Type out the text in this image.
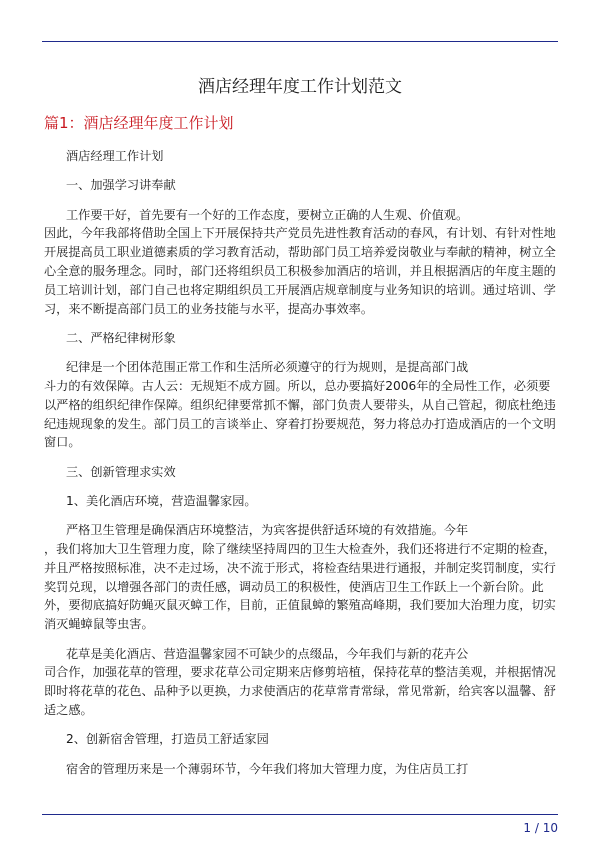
酒店经理年度工作计划范文
篇1：酒店经理年度工作计划

酒店经理工作计划

一、加强学习讲奉献

工作要干好，首先要有一个好的工作态度，要树立正确的人生观、价值观。

因此，今年我部将借助全国上下开展保持共产党员先进性教育活动的春风，有计划、有针对性地开展提高员工职业道德素质的学习教育活动，帮助部门员工培养爱岗敬业与奉献的精神，树立全心全意的服务理念。同时，部门还将组织员工积极参加酒店的培训，并且根据酒店的年度主题的员工培训计划，部门自己也将定期组织员工开展酒店规章制度与业务知识的培训。通过培训、学习，来不断提高部门员工的业务技能与水平，提高办事效率。

二、严格纪律树形象

纪律是一个团体范围正常工作和生活所必须遵守的行为规则，是提高部门战

斗力的有效保障。古人云：无规矩不成方圆。所以，总办要搞好2006年的全局性工作，必须要以严格的组织纪律作保障。组织纪律要常抓不懈，部门负责人要带头，从自己管起，彻底杜绝违纪违规现象的发生。部门员工的言谈举止、穿着打扮要规范，努力将总办打造成酒店的一个文明窗口。

三、创新管理求实效

1、美化酒店环境，营造温馨家园。

严格卫生管理是确保酒店环境整洁，为宾客提供舒适环境的有效措施。今年

，我们将加大卫生管理力度，除了继续坚持周四的卫生大检查外，我们还将进行不定期的检查，并且严格按照标准，决不走过场，决不流于形式，将检查结果进行通报，并制定奖罚制度，实行奖罚兑现，以增强各部门的责任感，调动员工的积极性，使酒店卫生工作跃上一个新台阶。此外，要彻底搞好防蝇灭鼠灭蟑工作，目前，正值鼠蟑的繁殖高峰期，我们要加大治理力度，切实消灭蝇蟑鼠等虫害。

花草是美化酒店、营造温馨家园不可缺少的点缀品，今年我们与新的花卉公

司合作，加强花草的管理，要求花草公司定期来店修剪培植，保持花草的整洁美观，并根据情况即时将花草的花色、品种予以更换，力求使酒店的花草常青常绿，常见常新，给宾客以温馨、舒适之感。

2、创新宿舍管理，打造员工舒适家园

宿舍的管理历来是一个薄弱环节，今年我们将加大管理力度，为住店员工打

1 / 10
